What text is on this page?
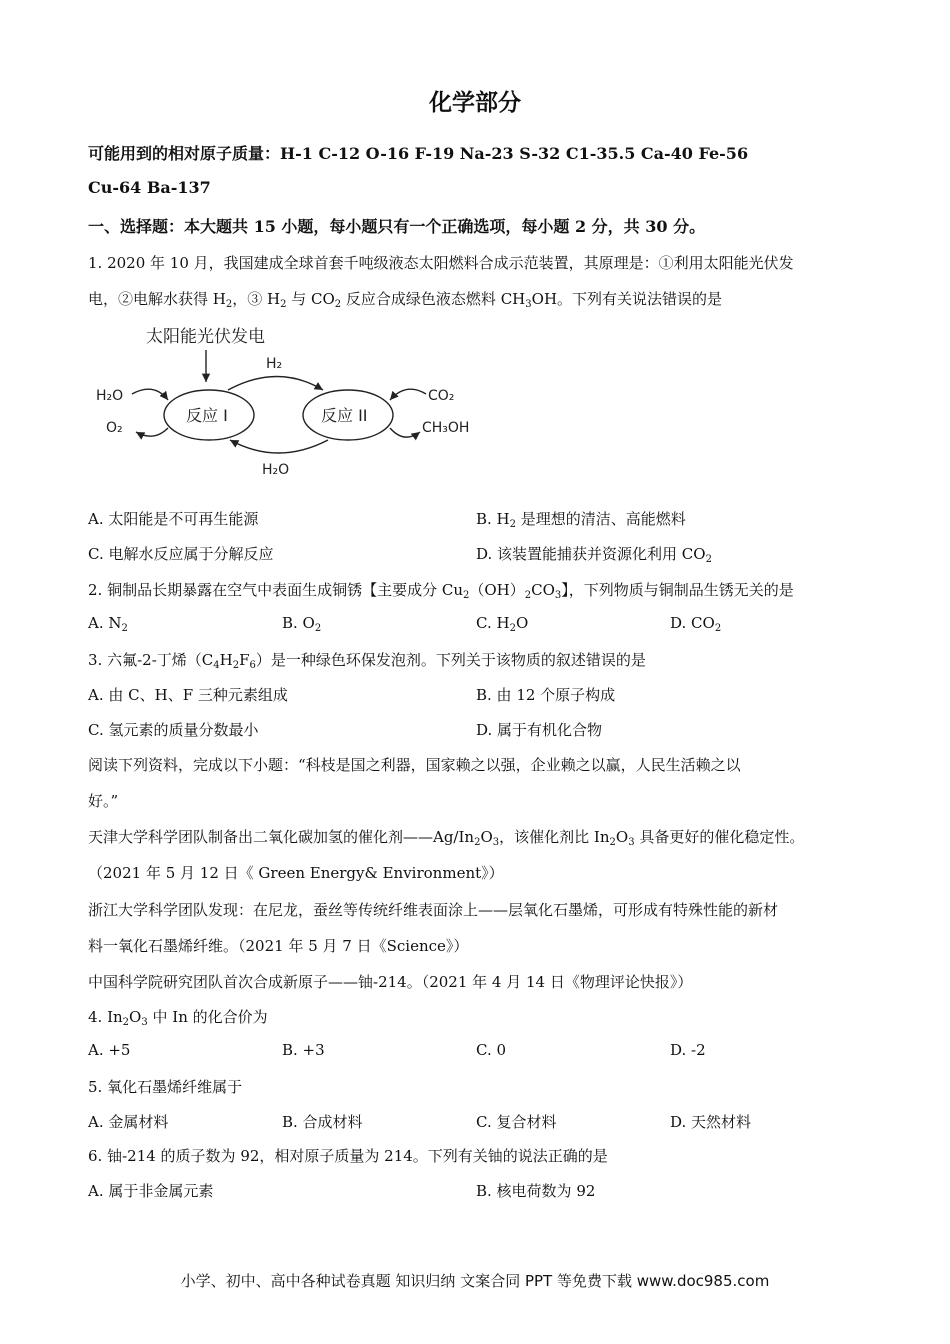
化学部分
可能用到的相对原子质量：H-1 C-12 O-16 F-19 Na-23 S-32 C1-35.5 Ca-40 Fe-56
Cu-64 Ba-137
一、选择题：本大题共 15 小题，每小题只有一个正确选项，每小题 2 分，共 30 分。
1. 2020 年 10 月，我国建成全球首套千吨级液态太阳燃料合成示范装置，其原理是：①利用太阳能光伏发
电，②电解水获得 $H_2$，③ $H_2$ 与 $CO_2$ 反应合成绿色液态燃料 $CH_3OH$。下列有关说法错误的是
太阳能光伏发电
反应 I	反应 II
H₂
H₂O
H₂O
O₂
CO₂
CH₃OH
A. 太阳能是不可再生能源	B. $H_2$ 是理想的清洁、高能燃料
C. 电解水反应属于分解反应	D. 该装置能捕获并资源化利用 $CO_2$
2. 铜制品长期暴露在空气中表面生成铜锈【主要成分 $Cu_2(OH)_2CO_3$】，下列物质与铜制品生锈无关的是
A. $N_2$	B. $O_2$	C. $H_2O$	D. $CO_2$
3. 六氟-2-丁烯$(C_4H_2F_6)$是一种绿色环保发泡剂。下列关于该物质的叙述错误的是
A. 由 C、H、F 三种元素组成	B. 由 12 个原子构成
C. 氢元素的质量分数最小	D. 属于有机化合物
阅读下列资料，完成以下小题：“科枝是国之利器，国家赖之以强，企业赖之以赢，人民生活赖之以
好。”
天津大学科学团队制备出二氧化碳加氢的催化剂$——Ag/In_2O_3$，该催化剂比 $In_2O_3$ 具备更好的催化稳定性。
（2021 年 5 月 12 日《 Green Energy& Environment》）
浙江大学科学团队发现：在尼龙，蚕丝等传统纤维表面涂上——层氧化石墨烯，可形成有特殊性能的新材
料一氧化石墨烯纤维。（2021 年 5 月 7 日《Science》）
中国科学院研究团队首次合成新原子——铀-214。（2021 年 4 月 14 日《物理评论快报》）
4. $In_2O_3$ 中 In 的化合价为
A. +5	B. +3	C. 0	D. -2
5. 氧化石墨烯纤维属于
A. 金属材料	B. 合成材料	C. 复合材料	D. 天然材料
6. 铀-214 的质子数为 92，相对原子质量为 214。下列有关铀的说法正确的是
A. 属于非金属元素	B. 核电荷数为 92
小学、初中、高中各种试卷真题 知识归纳 文案合同 PPT 等免费下载 www.doc985.com
